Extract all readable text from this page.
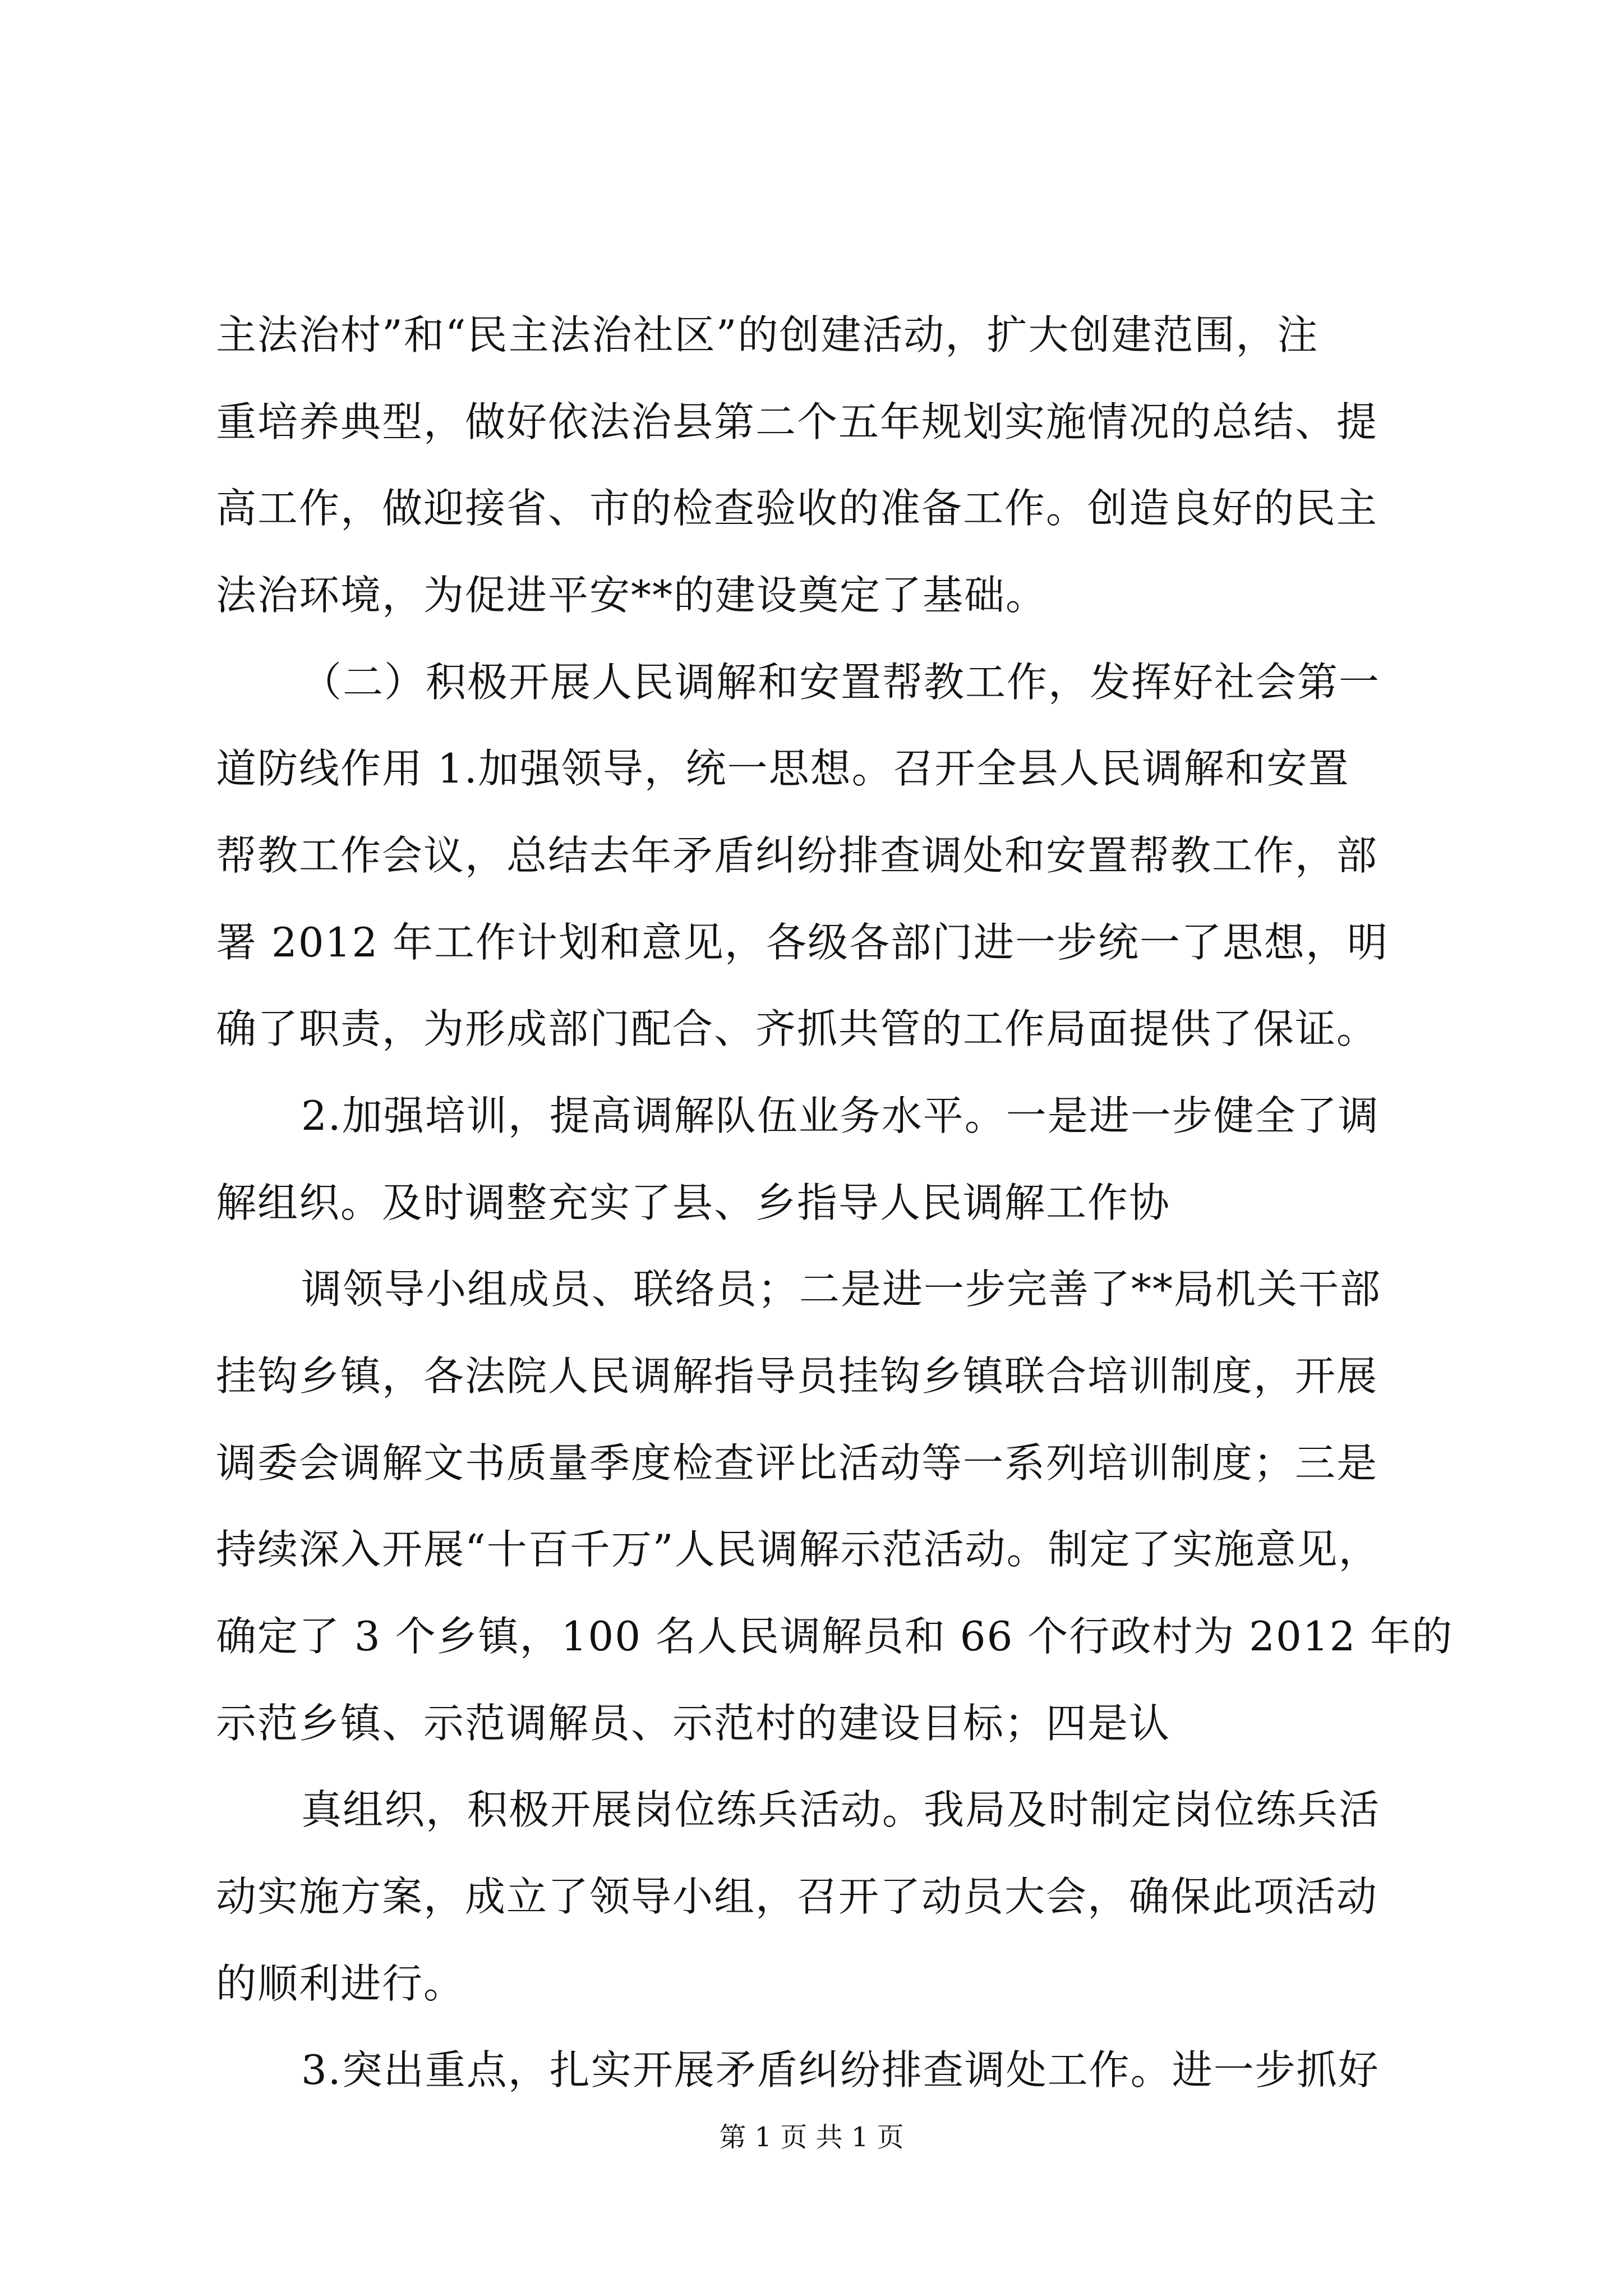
主法治村”和“民主法治社区”的创建活动，扩大创建范围，注
重培养典型，做好依法治县第二个五年规划实施情况的总结、提
高工作，做迎接省、市的检查验收的准备工作。创造良好的民主
法治环境，为促进平安**的建设奠定了基础。
（二）积极开展人民调解和安置帮教工作，发挥好社会第一
道防线作用 1.加强领导，统一思想。召开全县人民调解和安置
帮教工作会议，总结去年矛盾纠纷排查调处和安置帮教工作，部
署 2012 年工作计划和意见，各级各部门进一步统一了思想，明
确了职责，为形成部门配合、齐抓共管的工作局面提供了保证。
2.加强培训，提高调解队伍业务水平。一是进一步健全了调
解组织。及时调整充实了县、乡指导人民调解工作协
调领导小组成员、联络员；二是进一步完善了**局机关干部
挂钩乡镇，各法院人民调解指导员挂钩乡镇联合培训制度，开展
调委会调解文书质量季度检查评比活动等一系列培训制度；三是
持续深入开展“十百千万”人民调解示范活动。制定了实施意见，
确定了 3 个乡镇，100 名人民调解员和 66 个行政村为 2012 年的
示范乡镇、示范调解员、示范村的建设目标；四是认
真组织，积极开展岗位练兵活动。我局及时制定岗位练兵活
动实施方案，成立了领导小组，召开了动员大会，确保此项活动
的顺利进行。
3.突出重点，扎实开展矛盾纠纷排查调处工作。进一步抓好
第 1 页 共 1 页
